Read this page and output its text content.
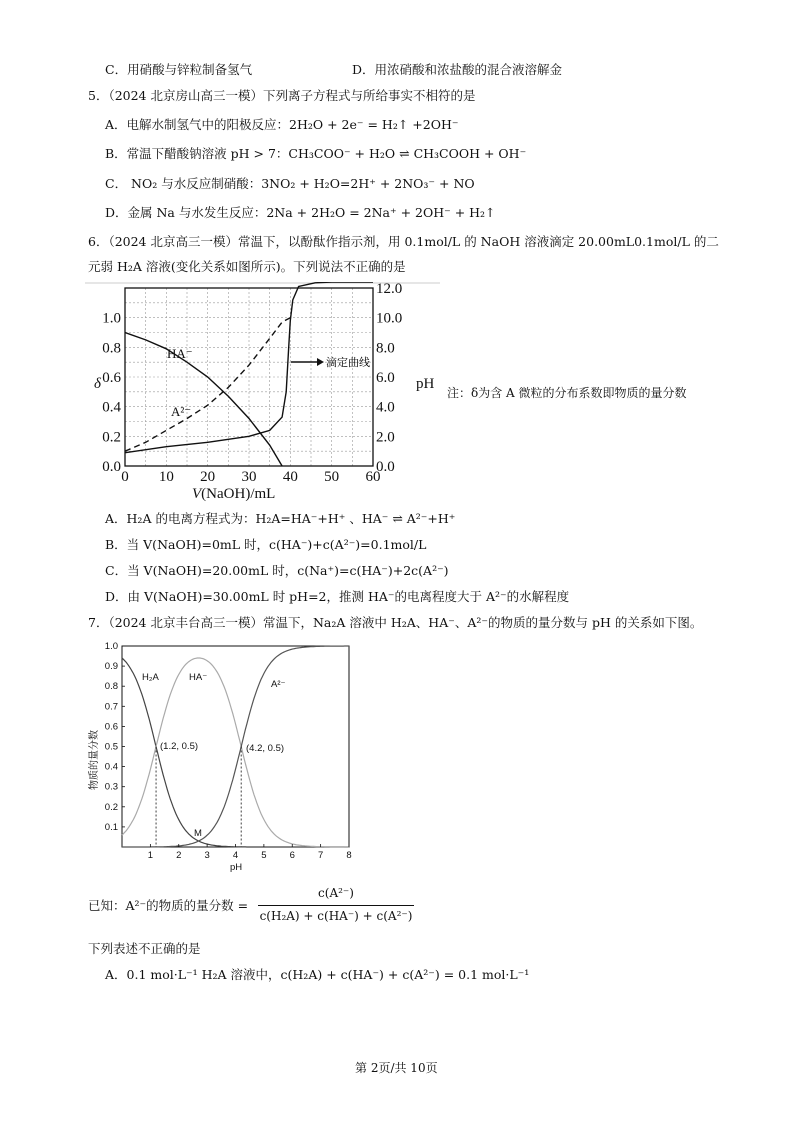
C．用硝酸与锌粒制备氢气	D．用浓硝酸和浓盐酸的混合液溶解金
5．（2024 北京房山高三一模）下列离子方程式与所给事实不相符的是
A．电解水制氢气中的阳极反应：2H₂O + 2e⁻ = H₂↑ +2OH⁻
B．常温下醋酸钠溶液 pH > 7：CH₃COO⁻ + H₂O ⇌ CH₃COOH + OH⁻
C． NO₂ 与水反应制硝酸：3NO₂ + H₂O=2H⁺ + 2NO₃⁻ + NO
D．金属 Na 与水发生反应：2Na + 2H₂O = 2Na⁺ + 2OH⁻ + H₂↑
6．（2024 北京高三一模）常温下，以酚酞作指示剂，用 0.1mol/L 的 NaOH 溶液滴定 20.00mL0.1mol/L 的二
元弱 H₂A 溶液(变化关系如图所示)。下列说法不正确的是
0 10 20 30 40 50 60
0.0
0.2
0.4
0.6
0.8
1.0
0.0
2.0
4.0
6.0
8.0
10.0
12.0
δ	pH
V(NaOH)/mL
HA⁻
A²⁻
滴定曲线
注：δ为含 A 微粒的分布系数即物质的量分数
A．H₂A 的电离方程式为：H₂A=HA⁻+H⁺ 、HA⁻ ⇌ A²⁻+H⁺
B．当 V(NaOH)=0mL 时，c(HA⁻)+c(A²⁻)=0.1mol/L
C．当 V(NaOH)=20.00mL 时，c(Na⁺)=c(HA⁻)+2c(A²⁻)
D．由 V(NaOH)=30.00mL 时 pH=2，推测 HA⁻的电离程度大于 A²⁻的水解程度
7．（2024 北京丰台高三一模）常温下，Na₂A 溶液中 H₂A、HA⁻、A²⁻的物质的量分数与 pH 的关系如下图。
1 2 3 4 5 6 7 8
0.1
0.2
0.3
0.4
0.5
0.6
0.7
0.8
0.9
1.0
pH
物质的量分数
H₂A	HA⁻
A²⁻
(1.2, 0.5)	(4.2, 0.5)
M
已知：A²⁻的物质的量分数 =
c(A²⁻)
c(H₂A) + c(HA⁻) + c(A²⁻)
下列表述不正确的是
A．0.1 mol·L⁻¹ H₂A 溶液中，c(H₂A) + c(HA⁻) + c(A²⁻) = 0.1 mol·L⁻¹
第 2页/共 10页
